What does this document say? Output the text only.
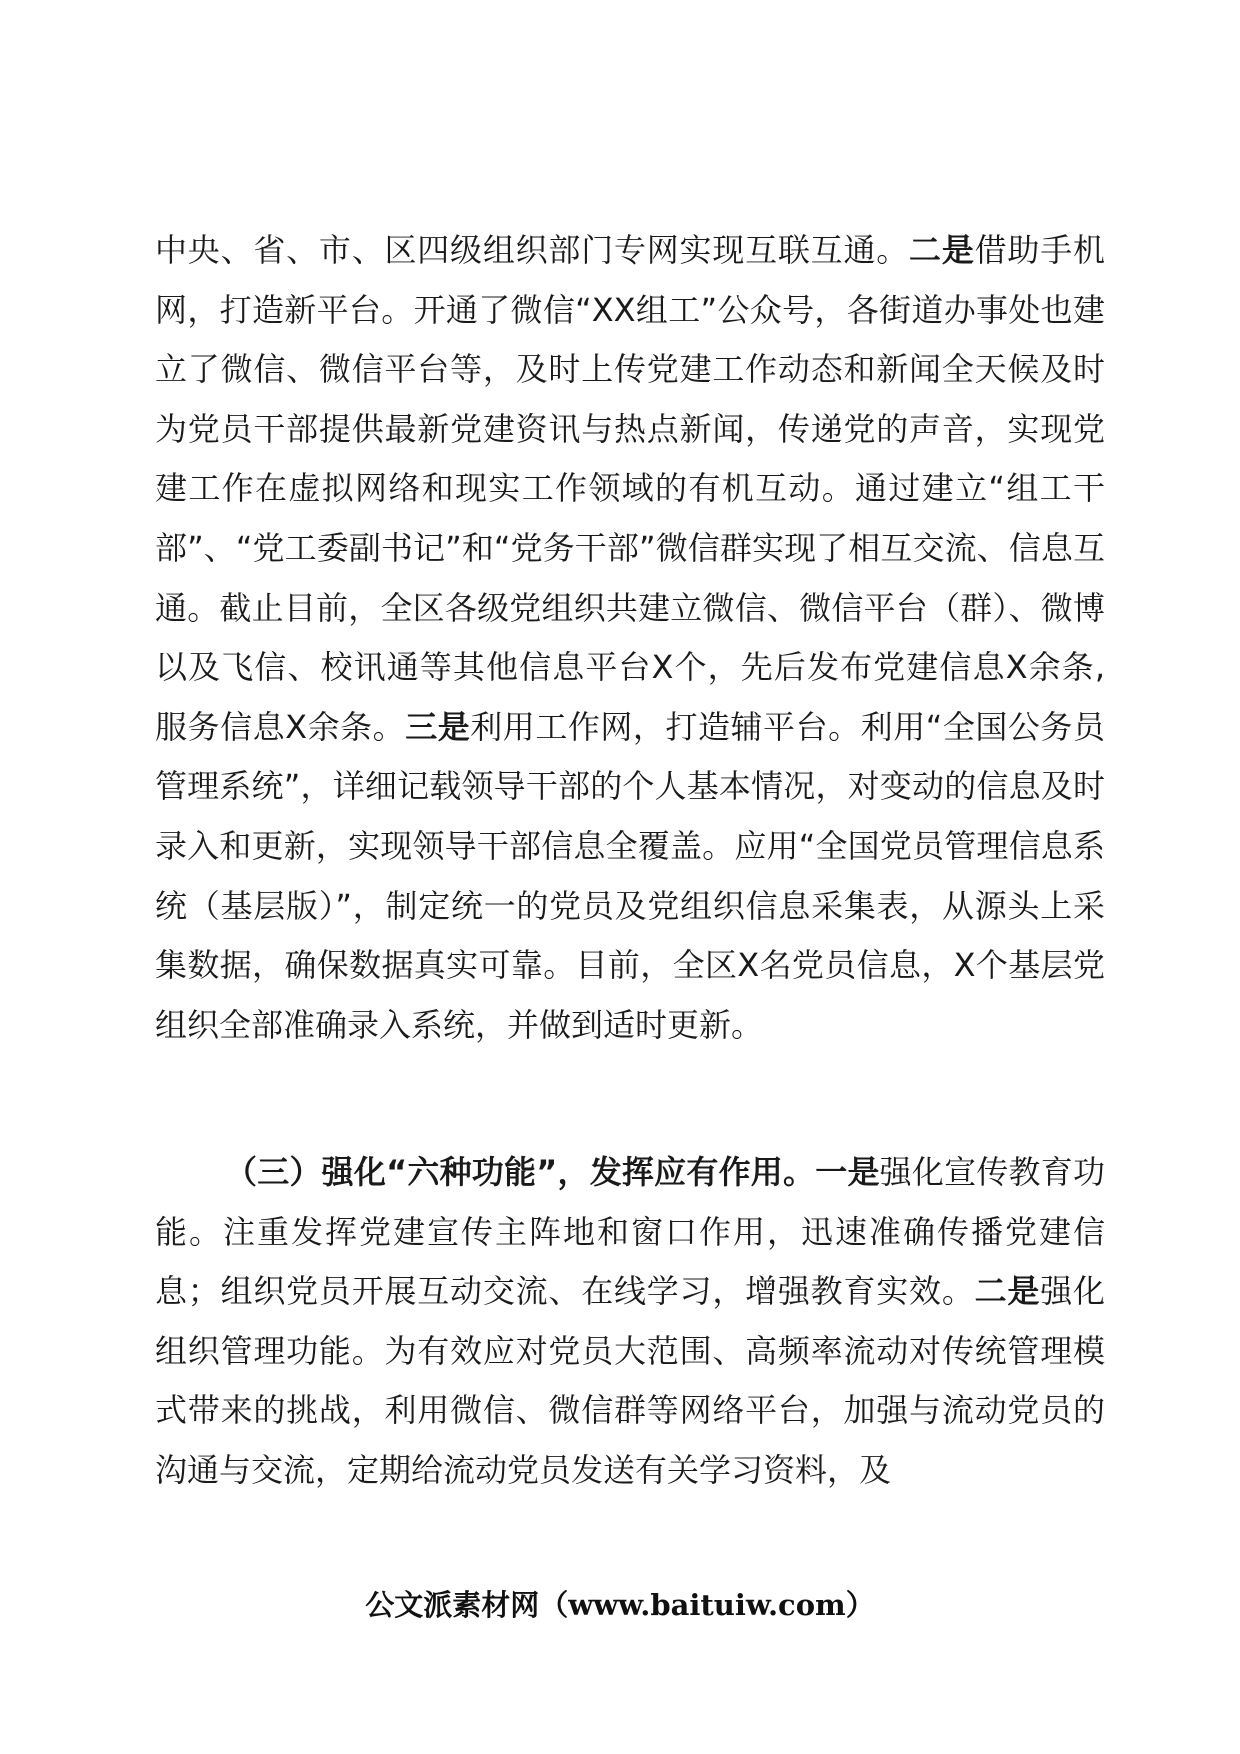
中央、省、市、区四级组织部门专网实现互联互通。二是借助手机网，打造新平台。开通了微信“XX组工”公众号，各街道办事处也建立了微信、微信平台等，及时上传党建工作动态和新闻全天候及时为党员干部提供最新党建资讯与热点新闻，传递党的声音，实现党建工作在虚拟网络和现实工作领域的有机互动。通过建立“组工干部”、“党工委副书记”和“党务干部”微信群实现了相互交流、信息互通。截止目前，全区各级党组织共建立微信、微信平台（群）、微博以及飞信、校讯通等其他信息平台X个，先后发布党建信息X余条,服务信息X余条。三是利用工作网，打造辅平台。利用“全国公务员管理系统”，详细记载领导干部的个人基本情况，对变动的信息及时录入和更新，实现领导干部信息全覆盖。应用“全国党员管理信息系统（基层版）”，制定统一的党员及党组织信息采集表，从源头上采集数据，确保数据真实可靠。目前，全区X名党员信息，X个基层党组织全部准确录入系统，并做到适时更新。

（三）强化“六种功能”，发挥应有作用。一是强化宣传教育功能。注重发挥党建宣传主阵地和窗口作用，迅速准确传播党建信息；组织党员开展互动交流、在线学习，增强教育实效。二是强化组织管理功能。为有效应对党员大范围、高频率流动对传统管理模式带来的挑战，利用微信、微信群等网络平台，加强与流动党员的沟通与交流，定期给流动党员发送有关学习资料，及

公文派素材网（www.baituiw.com）
